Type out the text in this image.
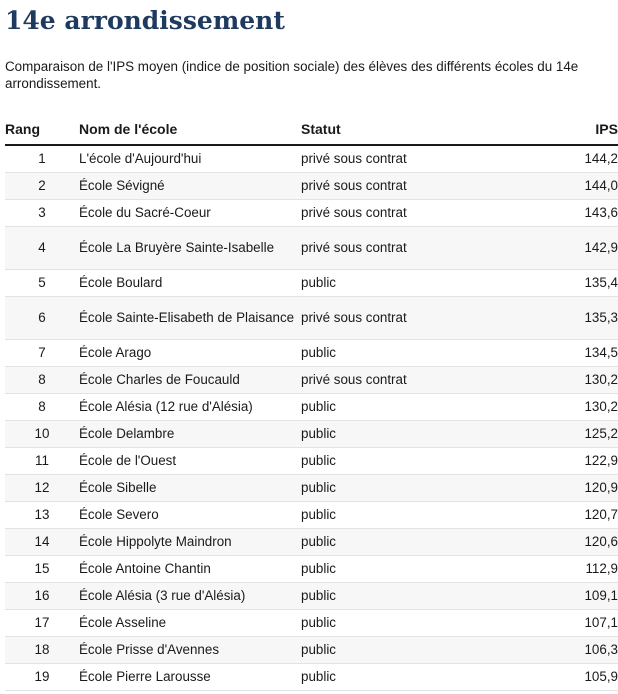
14e arrondissement

Comparaison de l'IPS moyen (indice de position sociale) des élèves des différents écoles du 14e arrondissement.

Rang	Nom de l'école	Statut	IPS
1	L'école d'Aujourd'hui	privé sous contrat	144,2
2	École Sévigné	privé sous contrat	144,0
3	École du Sacré-Coeur	privé sous contrat	143,6
4	École La Bruyère Sainte-Isabelle	privé sous contrat	142,9
5	École Boulard	public	135,4
6	École Sainte-Elisabeth de Plaisance	privé sous contrat	135,3
7	École Arago	public	134,5
8	École Charles de Foucauld	privé sous contrat	130,2
8	École Alésia (12 rue d'Alésia)	public	130,2
10	École Delambre	public	125,2
11	École de l'Ouest	public	122,9
12	École Sibelle	public	120,9
13	École Severo	public	120,7
14	École Hippolyte Maindron	public	120,6
15	École Antoine Chantin	public	112,9
16	École Alésia (3 rue d'Alésia)	public	109,1
17	École Asseline	public	107,1
18	École Prisse d'Avennes	public	106,3
19	École Pierre Larousse	public	105,9
